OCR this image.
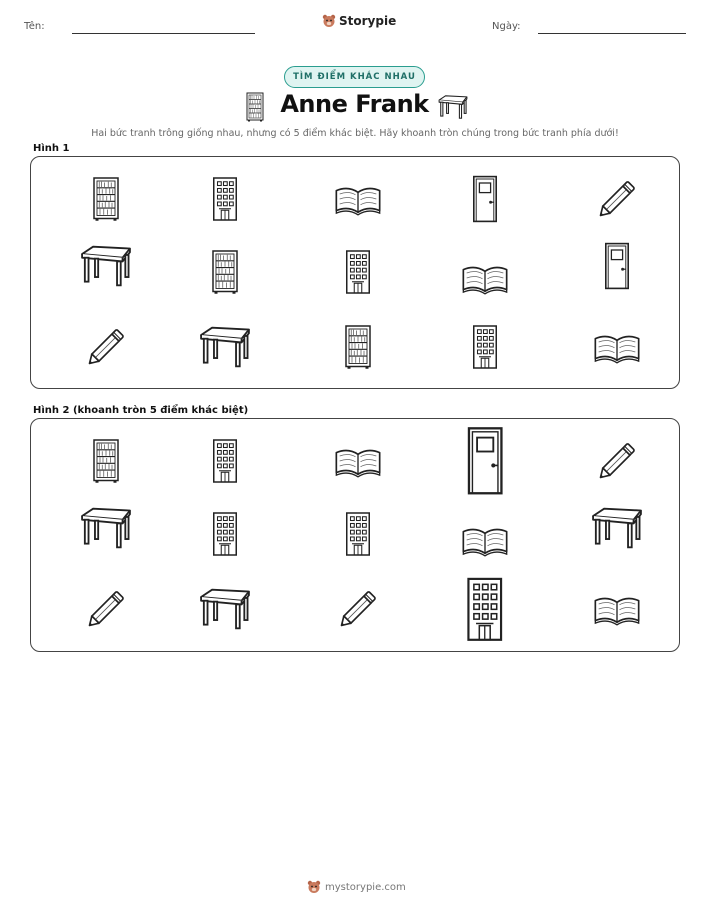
Tên:	Storypie	Ngày:
TÌM ĐIỂM KHÁC NHAU
Anne Frank
Hai bức tranh trông giống nhau, nhưng có 5 điểm khác biệt. Hãy khoanh tròn chúng trong bức tranh phía dưới!
Hình 1
Hình 2 (khoanh tròn 5 điểm khác biệt)
mystorypie.com
